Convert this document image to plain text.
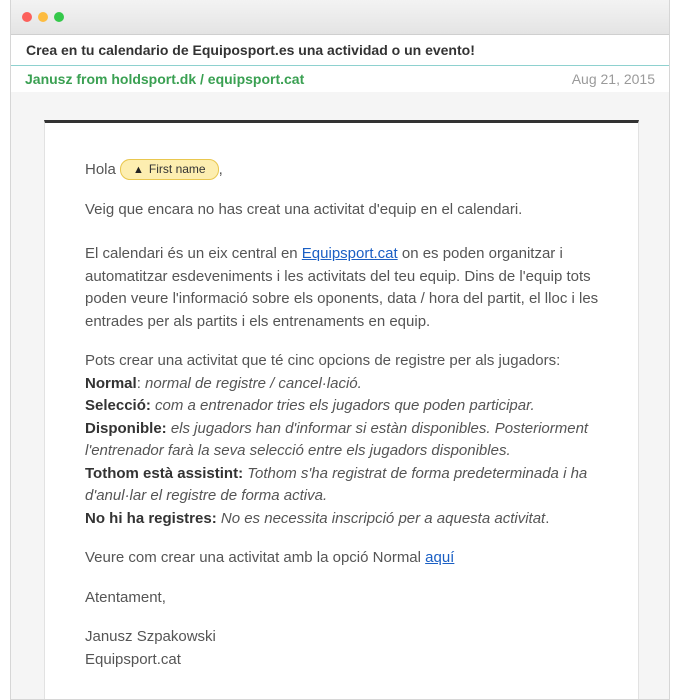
Crea en tu calendario de Equiposport.es una actividad o un evento!
Janusz from holdsport.dk / equipsport.cat	Aug 21, 2015

Hola ▲ First name ,

Veig que encara no has creat una activitat d'equip en el calendari.

El calendari és un eix central en Equipsport.cat on es poden organitzar i automatitzar esdeveniments i les activitats del teu equip. Dins de l'equip tots poden veure l'informació sobre els oponents, data / hora del partit, el lloc i les entrades per als partits i els entrenaments en equip.

Pots crear una activitat que té cinc opcions de registre per als jugadors:
Normal: normal de registre / cancel·lació.
Selecció: com a entrenador tries els jugadors que poden participar.
Disponible: els jugadors han d'informar si estàn disponibles. Posteriorment l'entrenador farà la seva selecció entre els jugadors disponibles.
Tothom està assistint: Tothom s'ha registrat de forma predeterminada i ha d'anul·lar el registre de forma activa.
No hi ha registres: No es necessita inscripció per a aquesta activitat.

Veure com crear una activitat amb la opció Normal aquí

Atentament,

Janusz Szpakowski
Equipsport.cat
